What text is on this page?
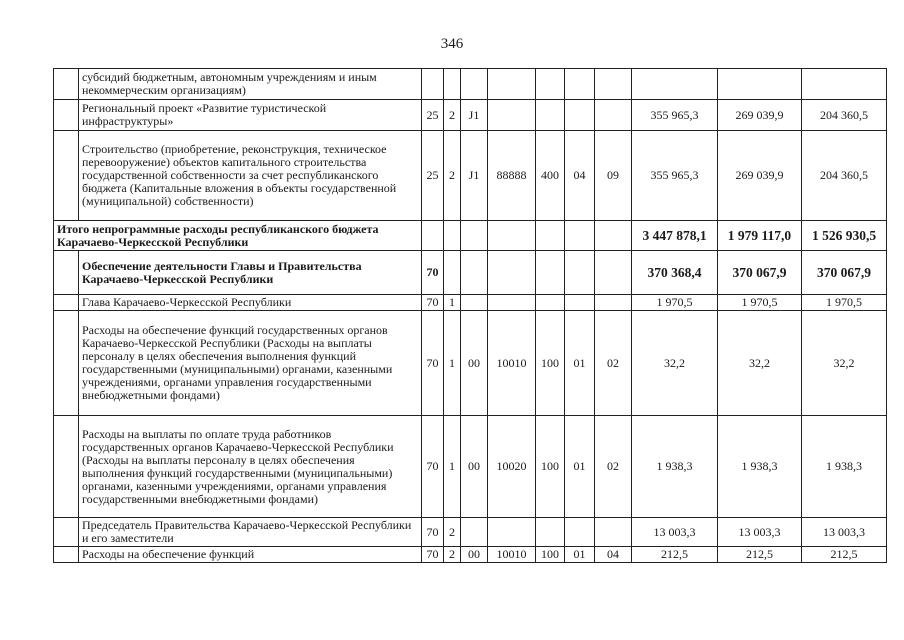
346
	субсидий бюджетным, автономным учреждениям и иным некоммерческим организациям)										
	Региональный проект «Развитие туристической инфраструктуры»	25	2	J1					355 965,3	269 039,9	204 360,5
	Строительство (приобретение, реконструкция, техническое перевооружение) объектов капитального строительства государственной собственности за счет республиканского бюджета (Капитальные вложения в объекты государственной (муниципальной) собственности)	25	2	J1	88888	400	04	09	355 965,3	269 039,9	204 360,5
Итого непрограммные расходы республиканского бюджета Карачаево-Черкесской Республики									3 447 878,1	1 979 117,0	1 526 930,5
	Обеспечение деятельности Главы и Правительства Карачаево-Черкесской Республики	70							370 368,4	370 067,9	370 067,9
	Глава Карачаево-Черкесской Республики	70	1						1 970,5	1 970,5	1 970,5
	Расходы на обеспечение функций государственных органов Карачаево-Черкесской Республики (Расходы на выплаты персоналу в целях обеспечения выполнения функций государственными (муниципальными) органами, казенными учреждениями, органами управления государственными внебюджетными фондами)	70	1	00	10010	100	01	02	32,2	32,2	32,2
	Расходы на выплаты по оплате труда работников государственных органов Карачаево-Черкесской Республики (Расходы на выплаты персоналу в целях обеспечения выполнения функций государственными (муниципальными) органами, казенными учреждениями, органами управления государственными внебюджетными фондами)	70	1	00	10020	100	01	02	1 938,3	1 938,3	1 938,3
	Председатель Правительства Карачаево-Черкесской Республики и его заместители	70	2						13 003,3	13 003,3	13 003,3
	Расходы на обеспечение функций	70	2	00	10010	100	01	04	212,5	212,5	212,5
